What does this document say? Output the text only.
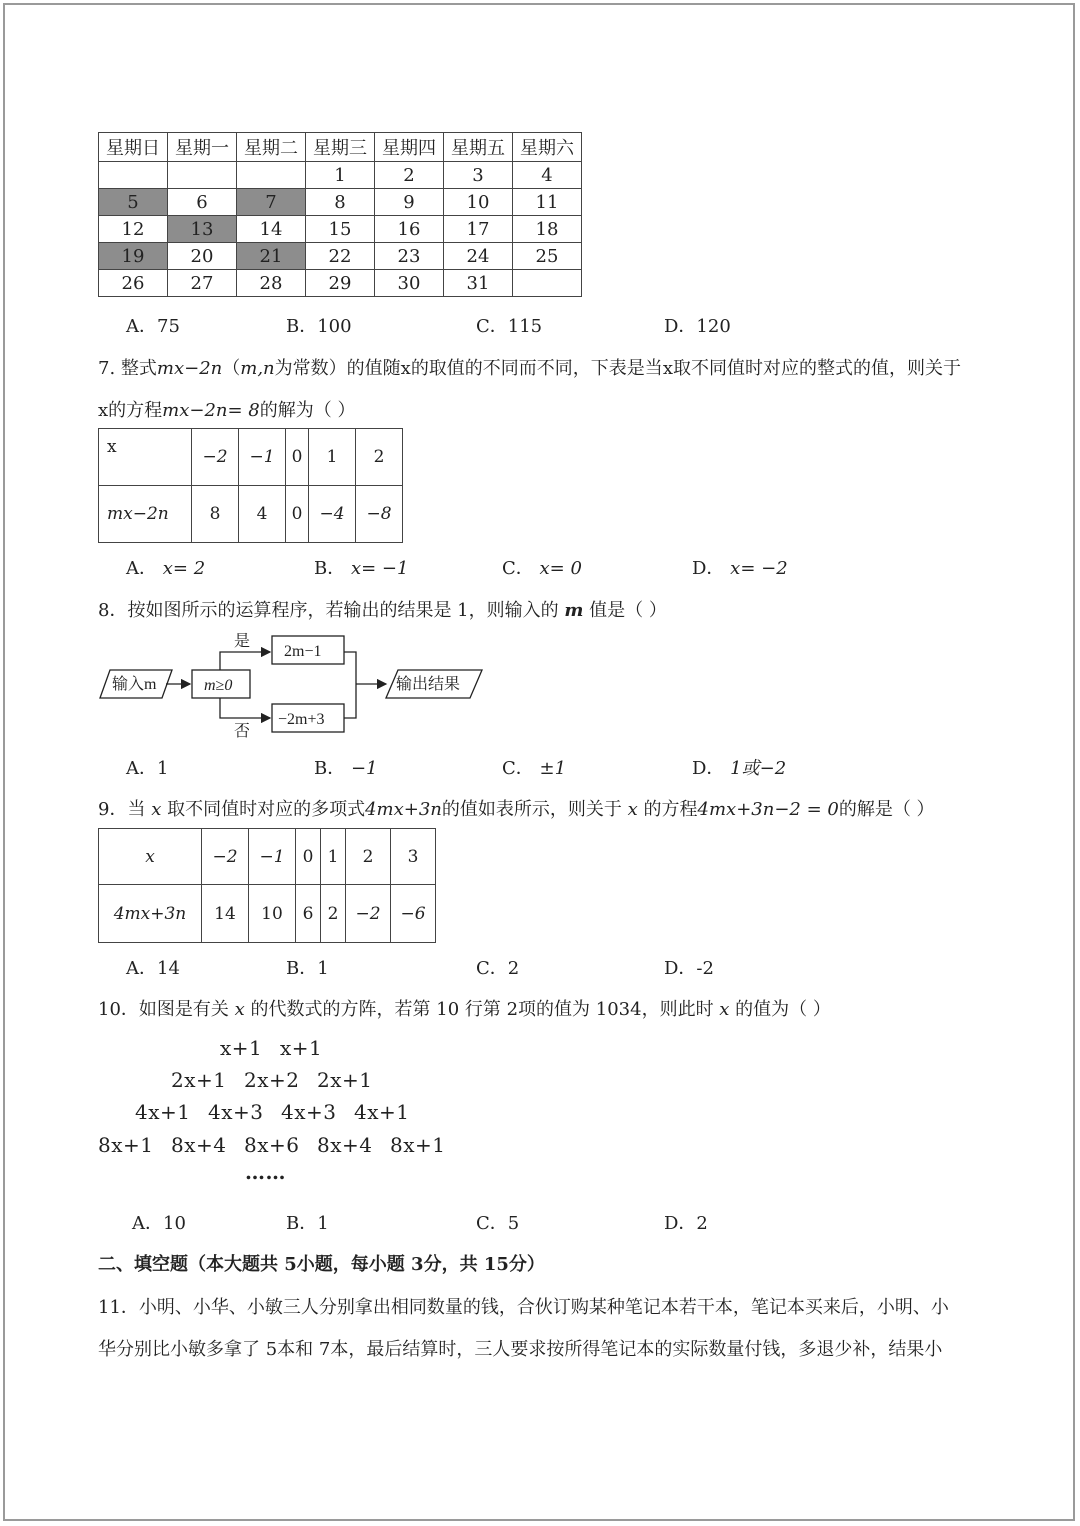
星期日	星期一	星期二	星期三	星期四	星期五	星期六
			1	2	3	4
5	6	7	8	9	10	11
12	13	14	15	16	17	18
19	20	21	22	23	24	25
26	27	28	29	30	31	
A．75	B．100	C．115	D．120
7. 整式mx−2n（m,n为常数）的值随x的取值的不同而不同，下表是当x取不同值时对应的整式的值，则关于
x的方程mx−2n= 8的解为（ ）
x	−2	−1	0	1	2
mx−2n	8	4	0	−4	−8
A． x= 2	B． x= −1	C． x= 0	D． x= −2
8．按如图所示的运算程序，若输出的结果是 1，则输入的 m 值是（ ）
输入m	m≥0
是
否
2m−1
−2m+3
输出结果
A．1	B． −1	C． ±1	D． 1或−2
9．当 x 取不同值时对应的多项式4mx+3n的值如表所示，则关于 x 的方程4mx+3n−2 = 0的解是（ ）
x	−2	−1	0	1	2	3
4mx+3n	14	10	6	2	−2	−6
A．14	B．1	C．2	D．-2
10．如图是有关 x 的代数式的方阵，若第 10 行第 2项的值为 1034，则此时 x 的值为（ ）
x+1 x+1
2x+1 2x+2 2x+1
4x+1 4x+3 4x+3 4x+1
8x+1 8x+4 8x+6 8x+4 8x+1
……
A．10	B．1	C．5	D．2
二、填空题（本大题共 5小题，每小题 3分，共 15分）
11．小明、小华、小敏三人分别拿出相同数量的钱，合伙订购某种笔记本若干本，笔记本买来后，小明、小
华分别比小敏多拿了 5本和 7本，最后结算时，三人要求按所得笔记本的实际数量付钱，多退少补，结果小
